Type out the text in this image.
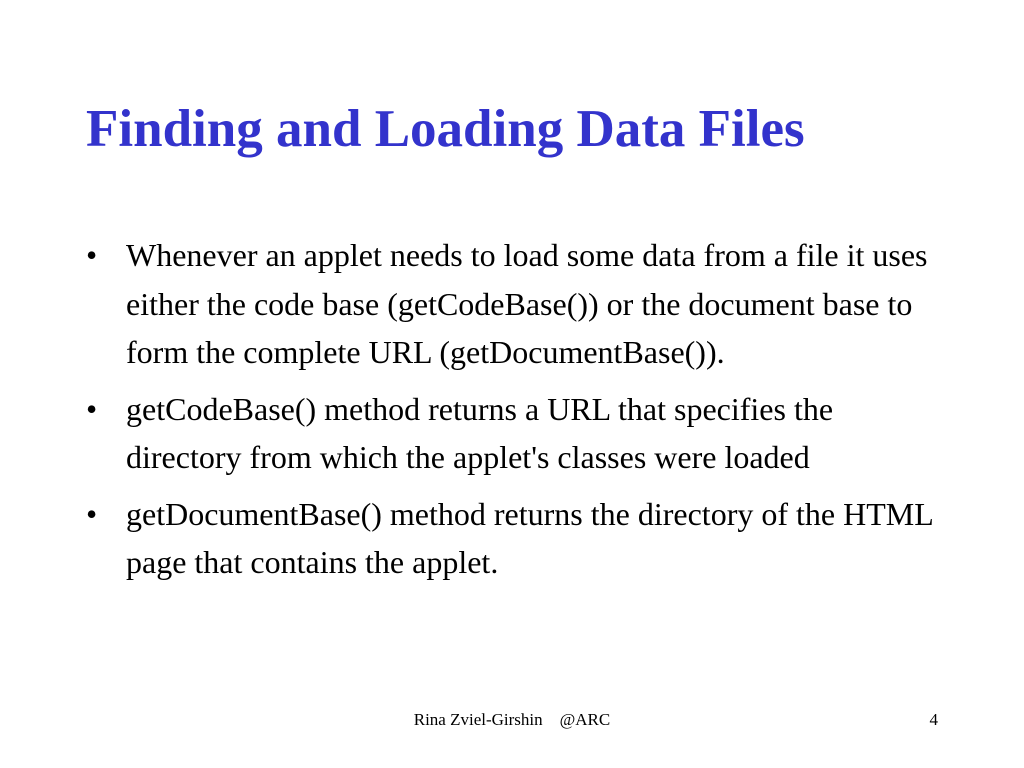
Finding and Loading Data Files
• Whenever an applet needs to load some data from a file it uses either the code base (getCodeBase()) or the document base to form the complete URL (getDocumentBase()).
• getCodeBase() method returns a URL that specifies the directory from which the applet's classes were loaded
• getDocumentBase() method returns the directory of the HTML page that contains the applet.
Rina Zviel-Girshin    @ARC	4
